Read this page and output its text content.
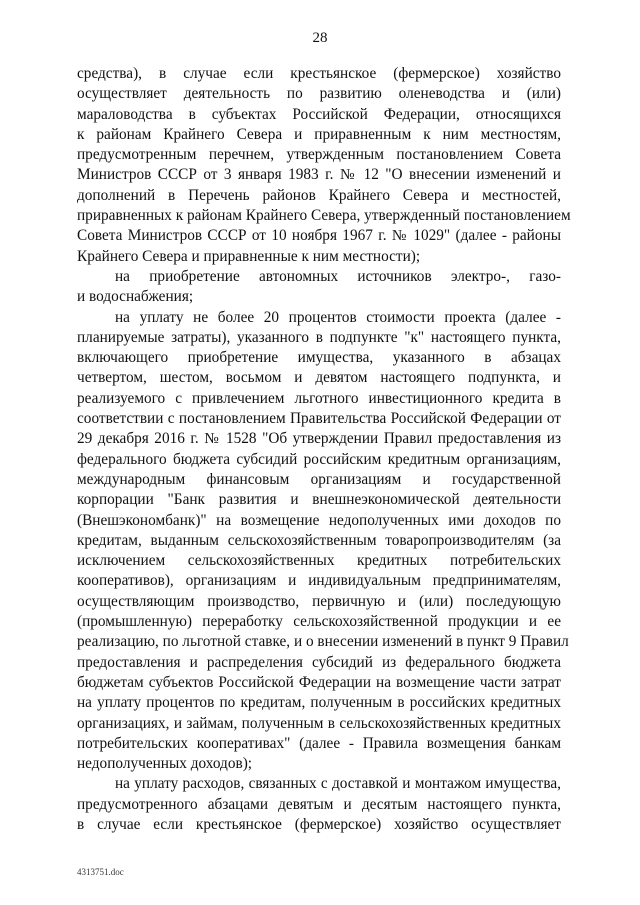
28
средства), в случае если крестьянское (фермерское) хозяйство
осуществляет деятельность по развитию оленеводства и (или)
мараловодства в субъектах Российской Федерации, относящихся
к районам Крайнего Севера и приравненным к ним местностям,
предусмотренным перечнем, утвержденным постановлением Совета
Министров СССР от 3 января 1983 г. № 12 "О внесении изменений и
дополнений в Перечень районов Крайнего Севера и местностей,
приравненных к районам Крайнего Севера, утвержденный постановлением
Совета Министров СССР от 10 ноября 1967 г. № 1029" (далее - районы
Крайнего Севера и приравненные к ним местности);
на приобретение автономных источников электро-, газо-
и водоснабжения;
на уплату не более 20 процентов стоимости проекта (далее -
планируемые затраты), указанного в подпункте "к" настоящего пункта,
включающего приобретение имущества, указанного в абзацах
четвертом, шестом, восьмом и девятом настоящего подпункта, и
реализуемого с привлечением льготного инвестиционного кредита в
соответствии с постановлением Правительства Российской Федерации от
29 декабря 2016 г. № 1528 "Об утверждении Правил предоставления из
федерального бюджета субсидий российским кредитным организациям,
международным финансовым организациям и государственной
корпорации "Банк развития и внешнеэкономической деятельности
(Внешэкономбанк)" на возмещение недополученных ими доходов по
кредитам, выданным сельскохозяйственным товаропроизводителям (за
исключением сельскохозяйственных кредитных потребительских
кооперативов), организациям и индивидуальным предпринимателям,
осуществляющим производство, первичную и (или) последующую
(промышленную) переработку сельскохозяйственной продукции и ее
реализацию, по льготной ставке, и о внесении изменений в пункт 9 Правил
предоставления и распределения субсидий из федерального бюджета
бюджетам субъектов Российской Федерации на возмещение части затрат
на уплату процентов по кредитам, полученным в российских кредитных
организациях, и займам, полученным в сельскохозяйственных кредитных
потребительских кооперативах" (далее - Правила возмещения банкам
недополученных доходов);
на уплату расходов, связанных с доставкой и монтажом имущества,
предусмотренного абзацами девятым и десятым настоящего пункта,
в случае если крестьянское (фермерское) хозяйство осуществляет
4313751.doc
